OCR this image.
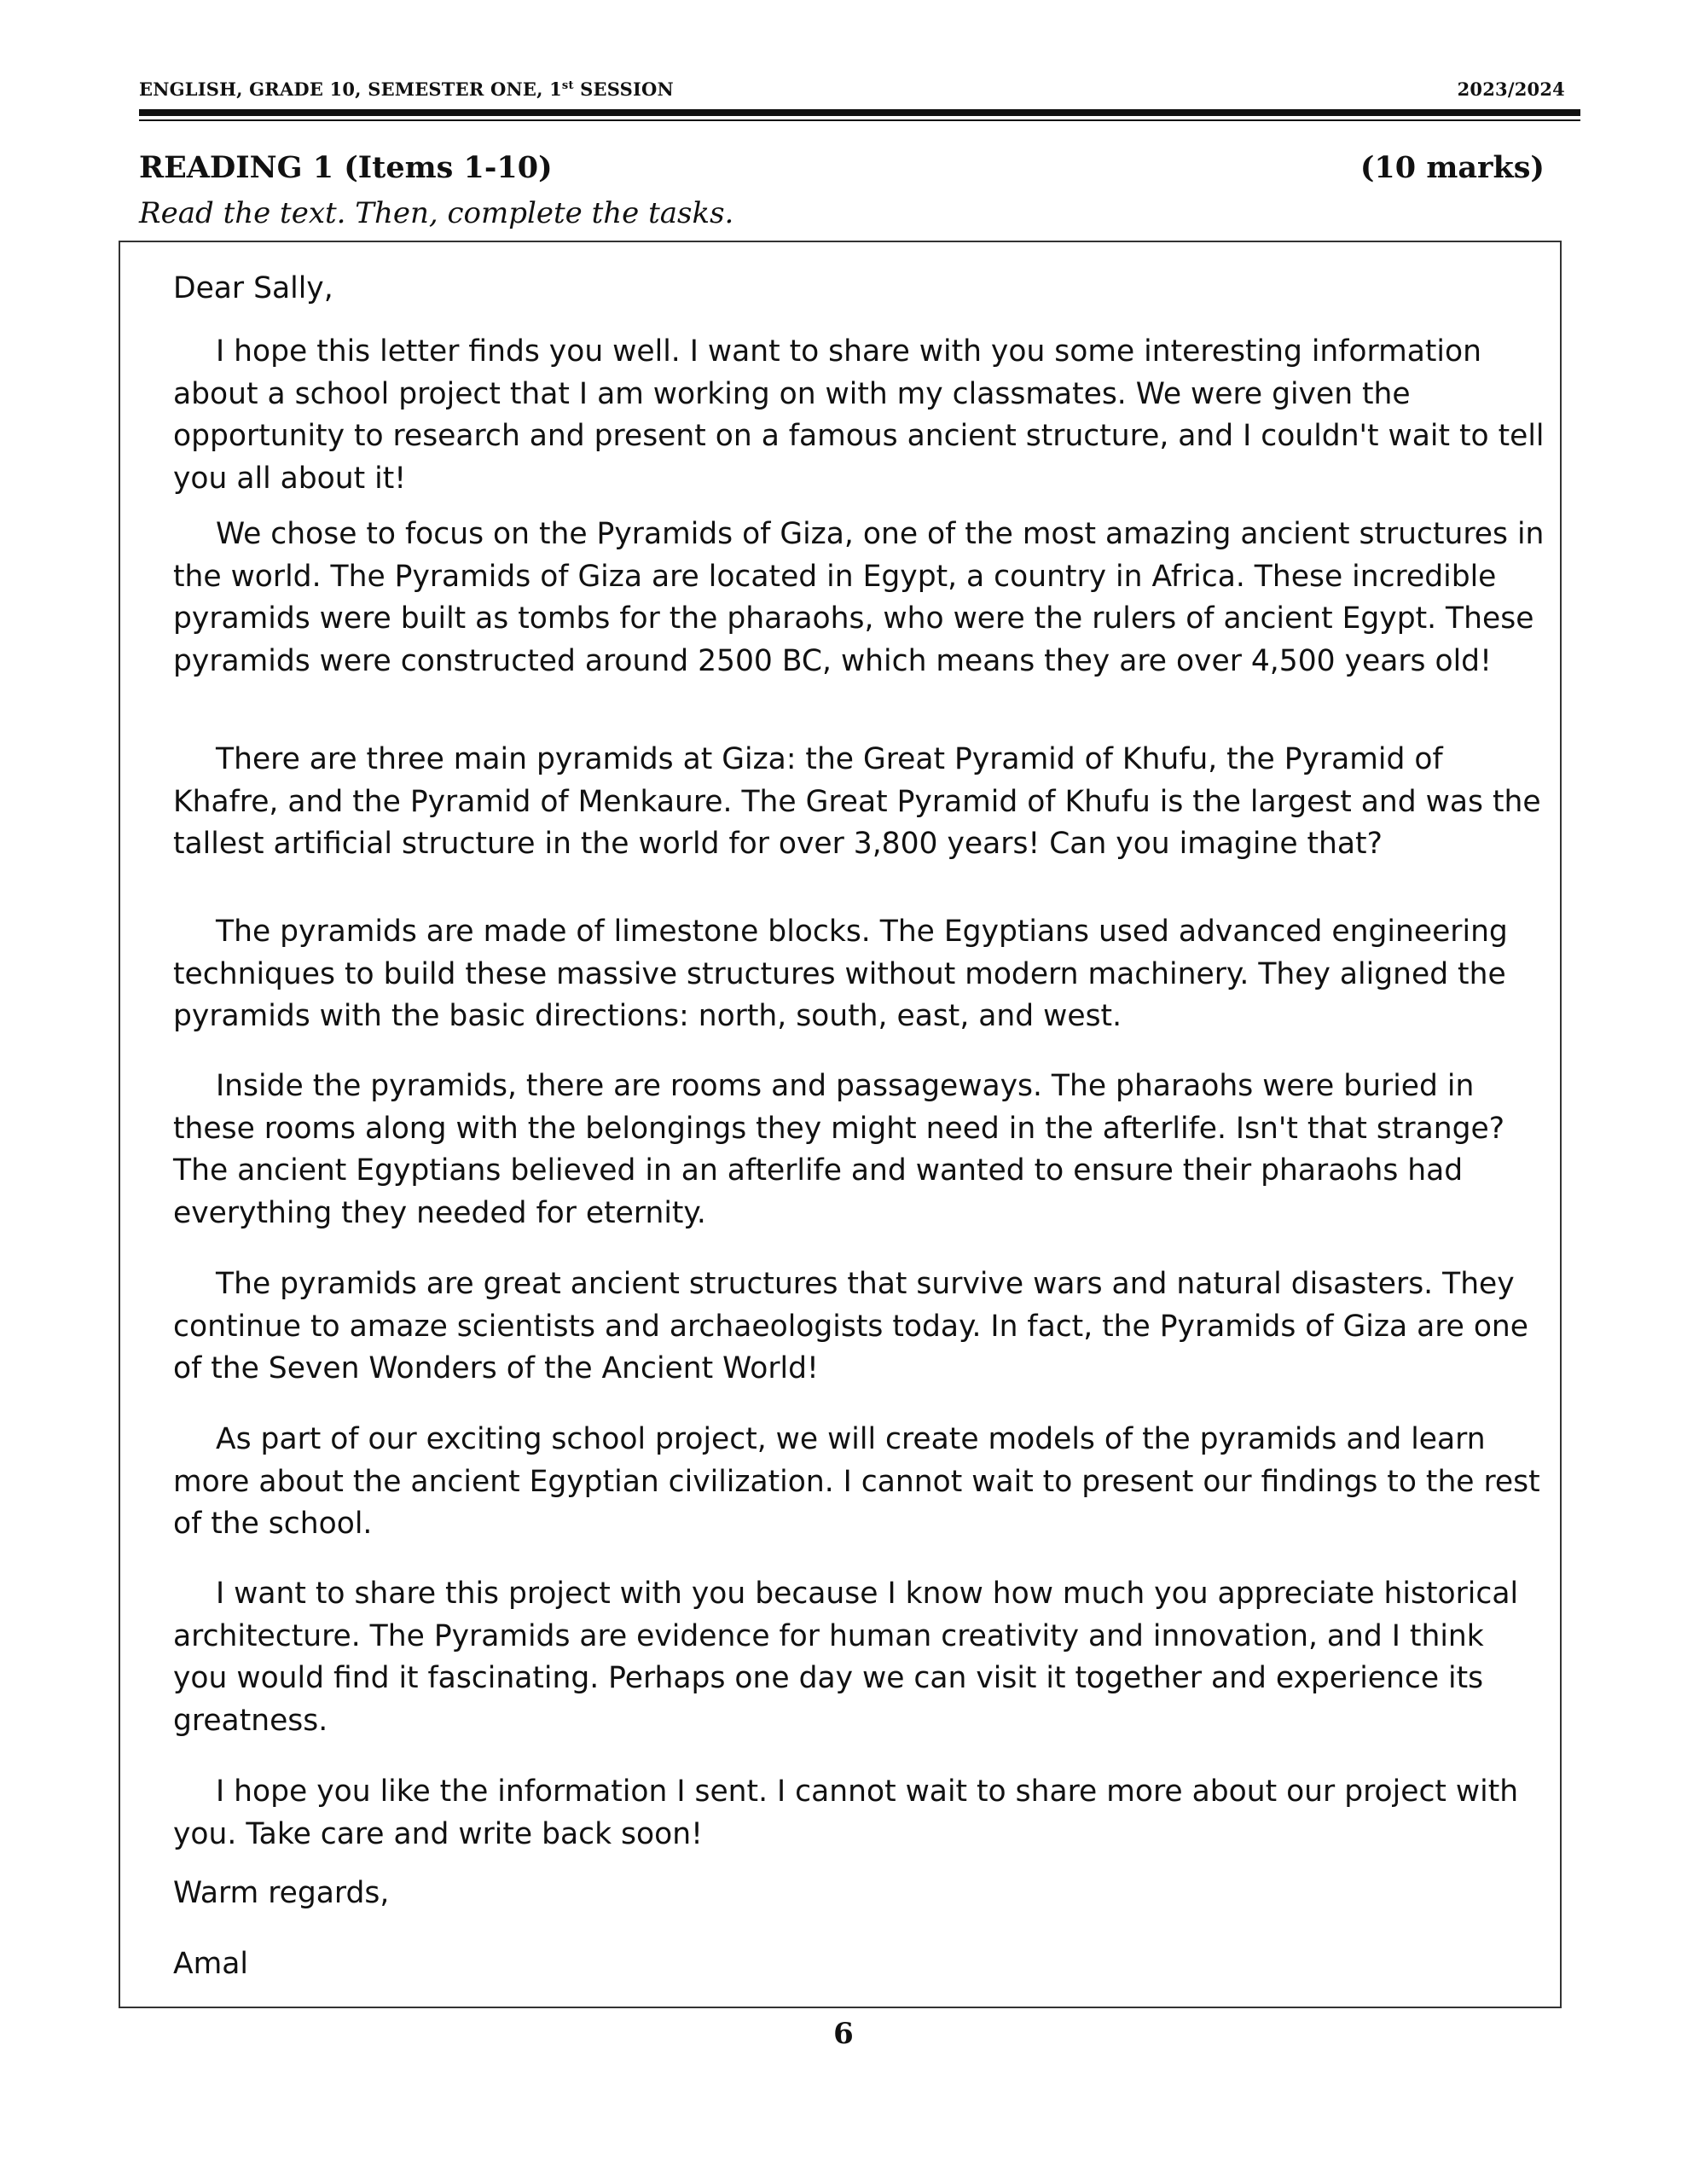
ENGLISH, GRADE 10, SEMESTER ONE, 1st SESSION	2023/2024
READING 1 (Items 1-10)	(10 marks)
Read the text. Then, complete the tasks.
Dear Sally,

I hope this letter finds you well. I want to share with you some interesting information about a school project that I am working on with my classmates. We were given the opportunity to research and present on a famous ancient structure, and I couldn't wait to tell you all about it!

We chose to focus on the Pyramids of Giza, one of the most amazing ancient structures in the world. The Pyramids of Giza are located in Egypt, a country in Africa. These incredible pyramids were built as tombs for the pharaohs, who were the rulers of ancient Egypt. These pyramids were constructed around 2500 BC, which means they are over 4,500 years old!

There are three main pyramids at Giza: the Great Pyramid of Khufu, the Pyramid of Khafre, and the Pyramid of Menkaure. The Great Pyramid of Khufu is the largest and was the tallest artificial structure in the world for over 3,800 years! Can you imagine that?

The pyramids are made of limestone blocks. The Egyptians used advanced engineering techniques to build these massive structures without modern machinery. They aligned the pyramids with the basic directions: north, south, east, and west.

Inside the pyramids, there are rooms and passageways. The pharaohs were buried in these rooms along with the belongings they might need in the afterlife. Isn't that strange? The ancient Egyptians believed in an afterlife and wanted to ensure their pharaohs had everything they needed for eternity.

The pyramids are great ancient structures that survive wars and natural disasters. They continue to amaze scientists and archaeologists today. In fact, the Pyramids of Giza are one of the Seven Wonders of the Ancient World!

As part of our exciting school project, we will create models of the pyramids and learn more about the ancient Egyptian civilization. I cannot wait to present our findings to the rest of the school.

I want to share this project with you because I know how much you appreciate historical architecture. The Pyramids are evidence for human creativity and innovation, and I think you would find it fascinating. Perhaps one day we can visit it together and experience its greatness.

I hope you like the information I sent. I cannot wait to share more about our project with you. Take care and write back soon!

Warm regards,
Amal
6
